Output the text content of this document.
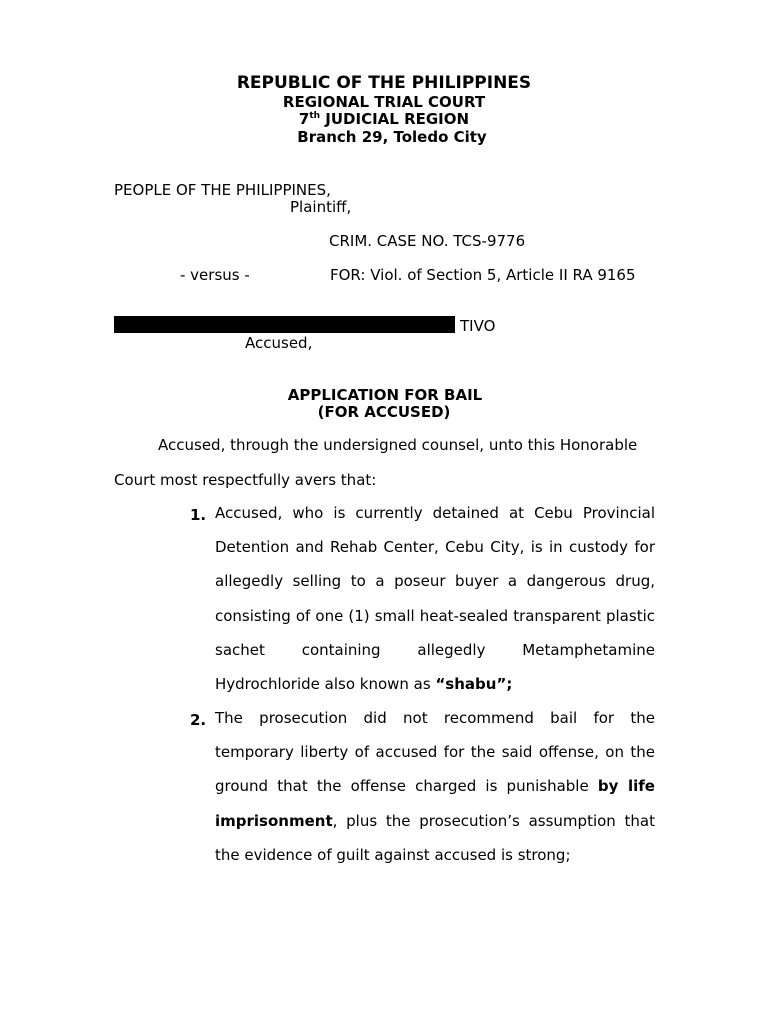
REPUBLIC OF THE PHILIPPINES
REGIONAL TRIAL COURT
7th JUDICIAL REGION
Branch 29, Toledo City
PEOPLE OF THE PHILIPPINES,
Plaintiff,
CRIM. CASE NO. TCS-9776
- versus -	FOR: Viol. of Section 5, Article II RA 9165
TIVO
Accused,
APPLICATION FOR BAIL
(FOR ACCUSED)
Accused, through the undersigned counsel, unto this Honorable
Court most respectfully avers that:
1. Accused, who is currently detained at Cebu Provincial Detention and Rehab Center, Cebu City, is in custody for allegedly selling to a poseur buyer a dangerous drug, consisting of one (1) small heat-sealed transparent plastic sachet containing allegedly Metamphetamine Hydrochloride also known as “shabu”;
2. The prosecution did not recommend bail for the temporary liberty of accused for the said offense, on the ground that the offense charged is punishable by life imprisonment, plus the prosecution’s assumption that the evidence of guilt against accused is strong;
